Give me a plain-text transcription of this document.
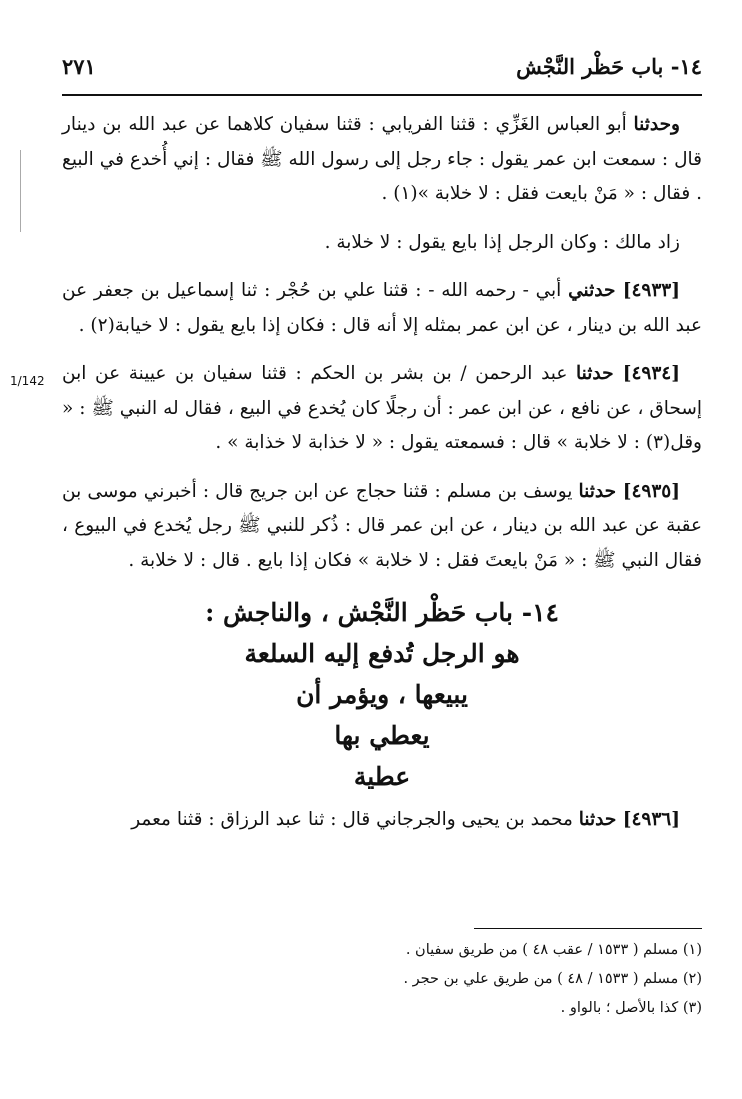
١٤- باب حَظْر النَّجْش
٢٧١
1/142

وحدثنا أبو العباس الغَزِّي : قثنا الفريابي : قثنا سفيان كلاهما عن عبد الله بن دينار قال : سمعت ابن عمر يقول : جاء رجل إلى رسول الله ﷺ فقال : إني أُخدع في البيع . فقال : « مَنْ بايعت فقل : لا خلابة »(١) .

زاد مالك : وكان الرجل إذا بايع يقول : لا خلابة .

[٤٩٣٣] حدثني أبي - رحمه الله - : قثنا علي بن حُجْر : ثنا إسماعيل بن جعفر عن عبد الله بن دينار ، عن ابن عمر بمثله إلا أنه قال : فكان إذا بايع يقول : لا خيابة(٢) .

[٤٩٣٤] حدثنا عبد الرحمن / بن بشر بن الحكم : قثنا سفيان بن عيينة عن ابن إسحاق ، عن نافع ، عن ابن عمر : أن رجلًا كان يُخدع في البيع ، فقال له النبي ﷺ : « وقل(٣) : لا خلابة » قال : فسمعته يقول : « لا خذابة لا خذابة » .

[٤٩٣٥] حدثنا يوسف بن مسلم : قثنا حجاج عن ابن جريج قال : أخبرني موسى بن عقبة عن عبد الله بن دينار ، عن ابن عمر قال : ذُكر للنبي ﷺ رجل يُخدع في البيوع ، فقال النبي ﷺ : « مَنْ بايعتَ فقل : لا خلابة » فكان إذا بايع . قال : لا خلابة .

١٤- باب حَظْر النَّجْش ، والناجش :
هو الرجل تُدفع إليه السلعة
يبيعها ، ويؤمر أن
يعطي بها
عطية

[٤٩٣٦] حدثنا محمد بن يحيى والجرجاني قال : ثنا عبد الرزاق : قثنا معمر

(١) مسلم ( ١٥٣٣ / عقب ٤٨ ) من طريق سفيان .

(٢) مسلم ( ١٥٣٣ / ٤٨ ) من طريق علي بن حجر .

(٣) كذا بالأصل ؛ بالواو .
